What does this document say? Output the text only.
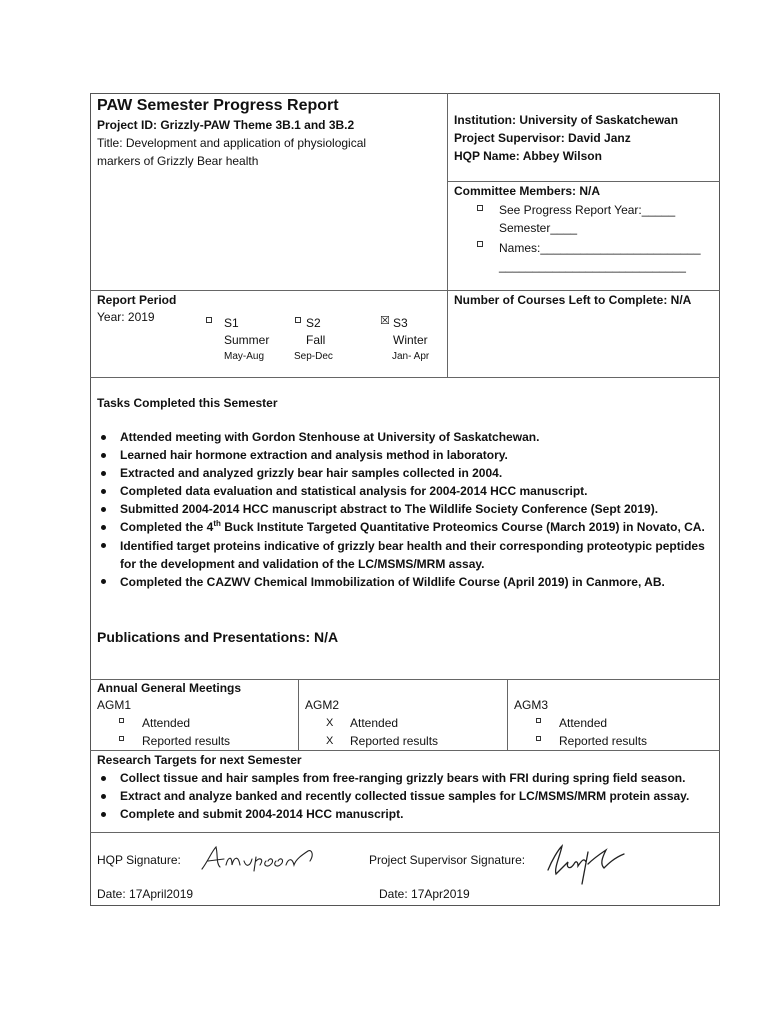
PAW Semester Progress Report
Project ID: Grizzly-PAW Theme 3B.1 and 3B.2
Title: Development and application of physiological
markers of Grizzly Bear health
Institution: University of Saskatchewan
Project Supervisor: David Janz
HQP Name: Abbey Wilson
Committee Members: N/A
See Progress Report Year:_____
Semester____
Names:________________________
____________________________
Report Period
Year: 2019	S1
Summer
May-Aug
S2
Fall
Sep-Dec
☒ S3
Winter
Jan- Apr
Number of Courses Left to Complete: N/A
Tasks Completed this Semester
Attended meeting with Gordon Stenhouse at University of Saskatchewan.
Learned hair hormone extraction and analysis method in laboratory.
Extracted and analyzed grizzly bear hair samples collected in 2004.
Completed data evaluation and statistical analysis for 2004-2014 HCC manuscript.
Submitted 2004-2014 HCC manuscript abstract to The Wildlife Society Conference (Sept 2019).
Completed the 4th Buck Institute Targeted Quantitative Proteomics Course (March 2019) in Novato, CA.
Identified target proteins indicative of grizzly bear health and their corresponding proteotypic peptides
for the development and validation of the LC/MSMS/MRM assay.
Completed the CAZWV Chemical Immobilization of Wildlife Course (April 2019) in Canmore, AB.
Publications and Presentations: N/A
Annual General Meetings
AGM1
Attended
Reported results
AGM2
X Attended
X Reported results
AGM3
Attended
Reported results
Research Targets for next Semester
Collect tissue and hair samples from free-ranging grizzly bears with FRI during spring field season.
Extract and analyze banked and recently collected tissue samples for LC/MSMS/MRM protein assay.
Complete and submit 2004-2014 HCC manuscript.
HQP Signature:	Project Supervisor Signature:
Date: 17April2019	Date: 17Apr2019
